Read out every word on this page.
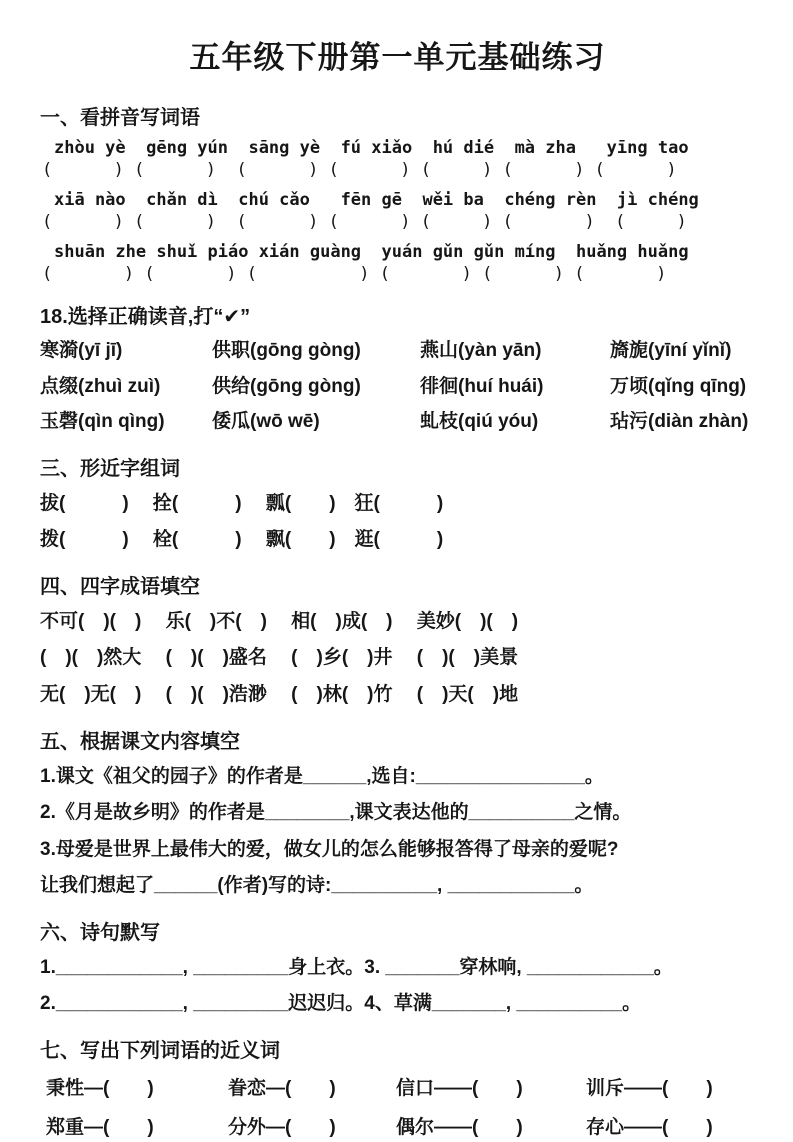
五年级下册第一单元基础练习
一、看拼音写词语
zhòu yè  gēng yún  sāng yè  fú xiǎo  hú dié  mà zha   yīng tao
(      ) (      )  (      ) (      ) (     ) (      ) (      )
xiā nào  chǎn dì  chú cǎo   fēn gē  wěi ba  chéng rèn  jì chéng
(      ) (      )  (      ) (      ) (     ) (       )  (     )
shuān zhe shuǐ piáo xián guàng  yuán gǔn gǔn míng  huǎng huǎng
(       ) (       ) (          ) (       ) (      ) (       )
18.选择正确读音,打“✔”
寒漪(yī jī)	供职(gōng gòng)	燕山(yàn yān)	旖旎(yīní yǐnǐ)
点缀(zhuì zuì)	供给(gōng gòng)	徘徊(huí huái)	万顷(qǐng qīng)
玉磬(qìn qìng)	倭瓜(wō wē)	虬枝(qiú yóu)	玷污(diàn zhàn)
三、形近字组词
拔(　　　)　 拴(　　　)　 瓢(　　)　狂(　　　)
拨(　　　)　 栓(　　　)　 飘(　　)　逛(　　　)
四、四字成语填空
不可(　)(　)　 乐(　)不(　)　 相(　)成(　)　 美妙(　)(　)
(　)(　)然大　 (　)(　)盛名　 (　)乡(　)井　 (　)(　)美景
无(　)无(　)　 (　)(　)浩渺　 (　)林(　)竹　 (　)天(　)地
五、根据课文内容填空
1.课文《祖父的园子》的作者是______,选自:________________。
2.《月是故乡明》的作者是________,课文表达他的__________之情。
3.母爱是世界上最伟大的爱，做女儿的怎么能够报答得了母亲的爱呢?
让我们想起了______(作者)写的诗:__________, ____________。
六、诗句默写
1.____________, _________身上衣。3. _______穿林响, ____________。
2.____________, _________迟迟归。4、草满_______, __________。
七、写出下列词语的近义词
秉性—(　　)	眷恋—(　　)	信口——(　　)	训斥——(　　)
郑重—(　　)	分外—(　　)	偶尔——(　　)	存心——(　　)
